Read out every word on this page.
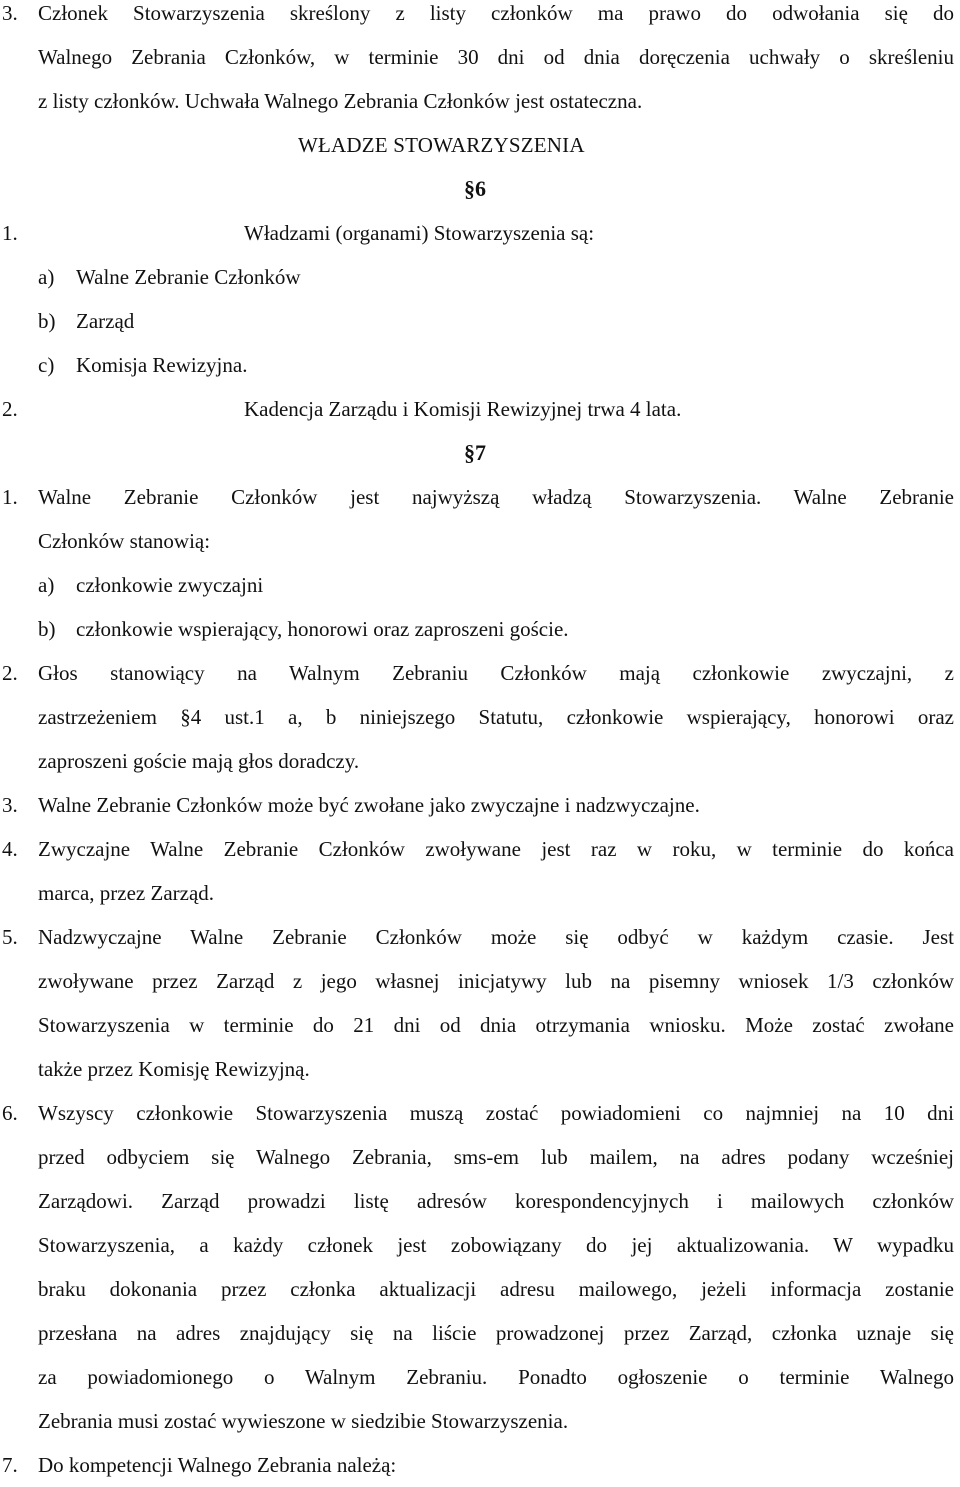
3. Członek Stowarzyszenia skreślony z listy członków ma prawo do odwołania się do
Walnego Zebrania Członków, w terminie 30 dni od dnia doręczenia uchwały o skreśleniu
z listy członków. Uchwała Walnego Zebrania Członków jest ostateczna.
WŁADZE STOWARZYSZENIA
§ 6
1.	Władzami (organami) Stowarzyszenia są:
a)	Walne Zebranie Członków
b) Zarząd
c)	Komisja Rewizyjna.
2.	Kadencja Zarządu i Komisji Rewizyjnej trwa 4 lata.
§ 7
1. Walne Zebranie Członków jest najwyższą władzą Stowarzyszenia. Walne Zebranie
Członków stanowią:
a)	członkowie zwyczajni
b) członkowie wspierający, honorowi oraz zaproszeni goście.
2. Głos stanowiący na Walnym Zebraniu Członków mają członkowie zwyczajni, z
zastrzeżeniem §4 ust.1 a, b niniejszego Statutu, członkowie wspierający, honorowi oraz
zaproszeni goście mają głos doradczy.
3. Walne Zebranie Członków może być zwołane jako zwyczajne i nadzwyczajne.
4. Zwyczajne Walne Zebranie Członków zwoływane jest raz w roku, w terminie do końca
marca, przez Zarząd.
5. Nadzwyczajne Walne Zebranie Członków może się odbyć w każdym czasie. Jest
zwoływane przez Zarząd z jego własnej inicjatywy lub na pisemny wniosek 1/3 członków
Stowarzyszenia w terminie do 21 dni od dnia otrzymania wniosku. Może zostać zwołane
także przez Komisję Rewizyjną.
6. Wszyscy członkowie Stowarzyszenia muszą zostać powiadomieni co najmniej na 10 dni
przed odbyciem się Walnego Zebrania, sms-em lub mailem, na adres podany wcześniej
Zarządowi. Zarząd prowadzi listę adresów korespondencyjnych i mailowych członków
Stowarzyszenia, a każdy członek jest zobowiązany do jej aktualizowania. W wypadku
braku dokonania przez członka aktualizacji adresu mailowego, jeżeli informacja zostanie
przesłana na adres znajdujący się na liście prowadzonej przez Zarząd, członka uznaje się
za powiadomionego o Walnym Zebraniu. Ponadto ogłoszenie o terminie Walnego
Zebrania musi zostać wywieszone w siedzibie Stowarzyszenia.
7. Do kompetencji Walnego Zebrania należą:
